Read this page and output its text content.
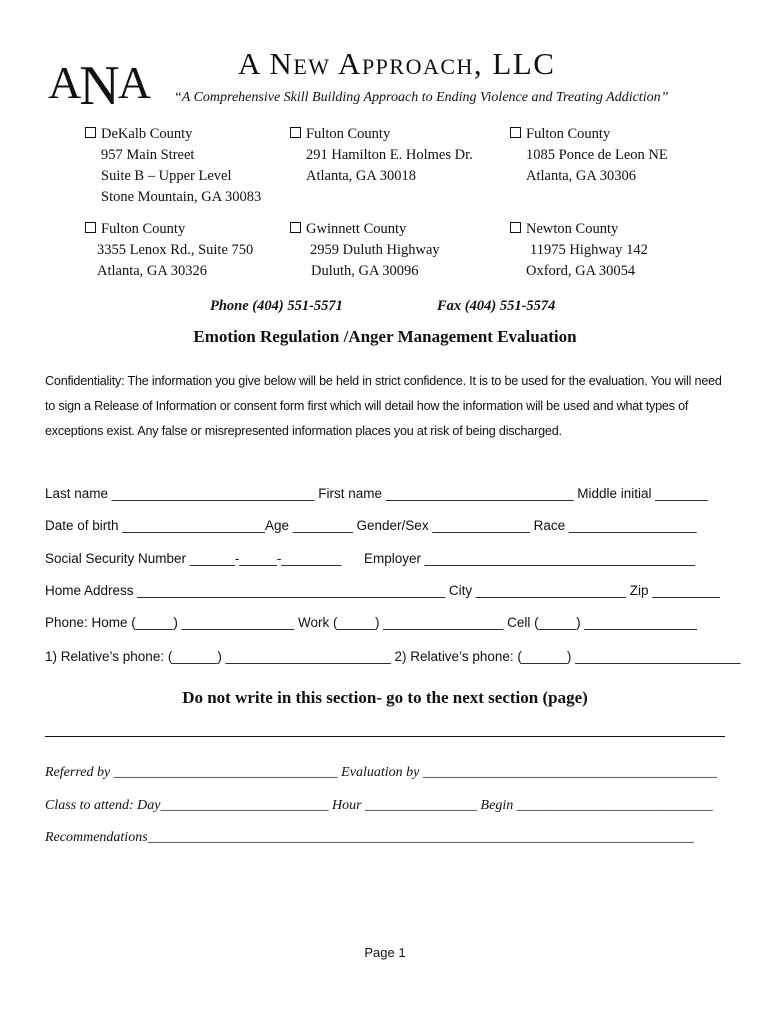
ANA	A New Approach, LLC
“A Comprehensive Skill Building Approach to Ending Violence and Treating Addiction”
DeKalb County
957 Main Street
Suite B – Upper Level
Stone Mountain, GA 30083
Fulton County
291 Hamilton E. Holmes Dr.
Atlanta, GA 30018
Fulton County
1085 Ponce de Leon NE
Atlanta, GA 30306
Fulton County
3355 Lenox Rd., Suite 750
Atlanta, GA 30326
Gwinnett County
2959 Duluth Highway
Duluth, GA 30096
Newton County
11975 Highway 142
Oxford, GA 30054
Phone (404) 551-5571	Fax (404) 551-5574
Emotion Regulation /Anger Management Evaluation
Confidentiality: The information you give below will be held in strict confidence. It is to be used for the evaluation. You will need to sign a Release of Information or consent form first which will detail how the information will be used and what types of exceptions exist. Any false or misrepresented information places you at risk of being discharged.
Last name ___________________________ First name _________________________ Middle initial _______
Date of birth ___________________Age ________ Gender/Sex _____________ Race _________________
Social Security Number ______-_____-________ Employer ____________________________________
Home Address _________________________________________ City ____________________ Zip _________
Phone: Home (_____) _______________ Work (_____) ________________ Cell (_____) _______________
1) Relative’s phone: (______) ______________________ 2) Relative’s phone: (______) ______________________
Do not write in this section- go to the next section (page)
Referred by ________________________________ Evaluation by __________________________________________
Class to attend: Day________________________ Hour ________________ Begin ____________________________
Recommendations______________________________________________________________________________
Page 1
